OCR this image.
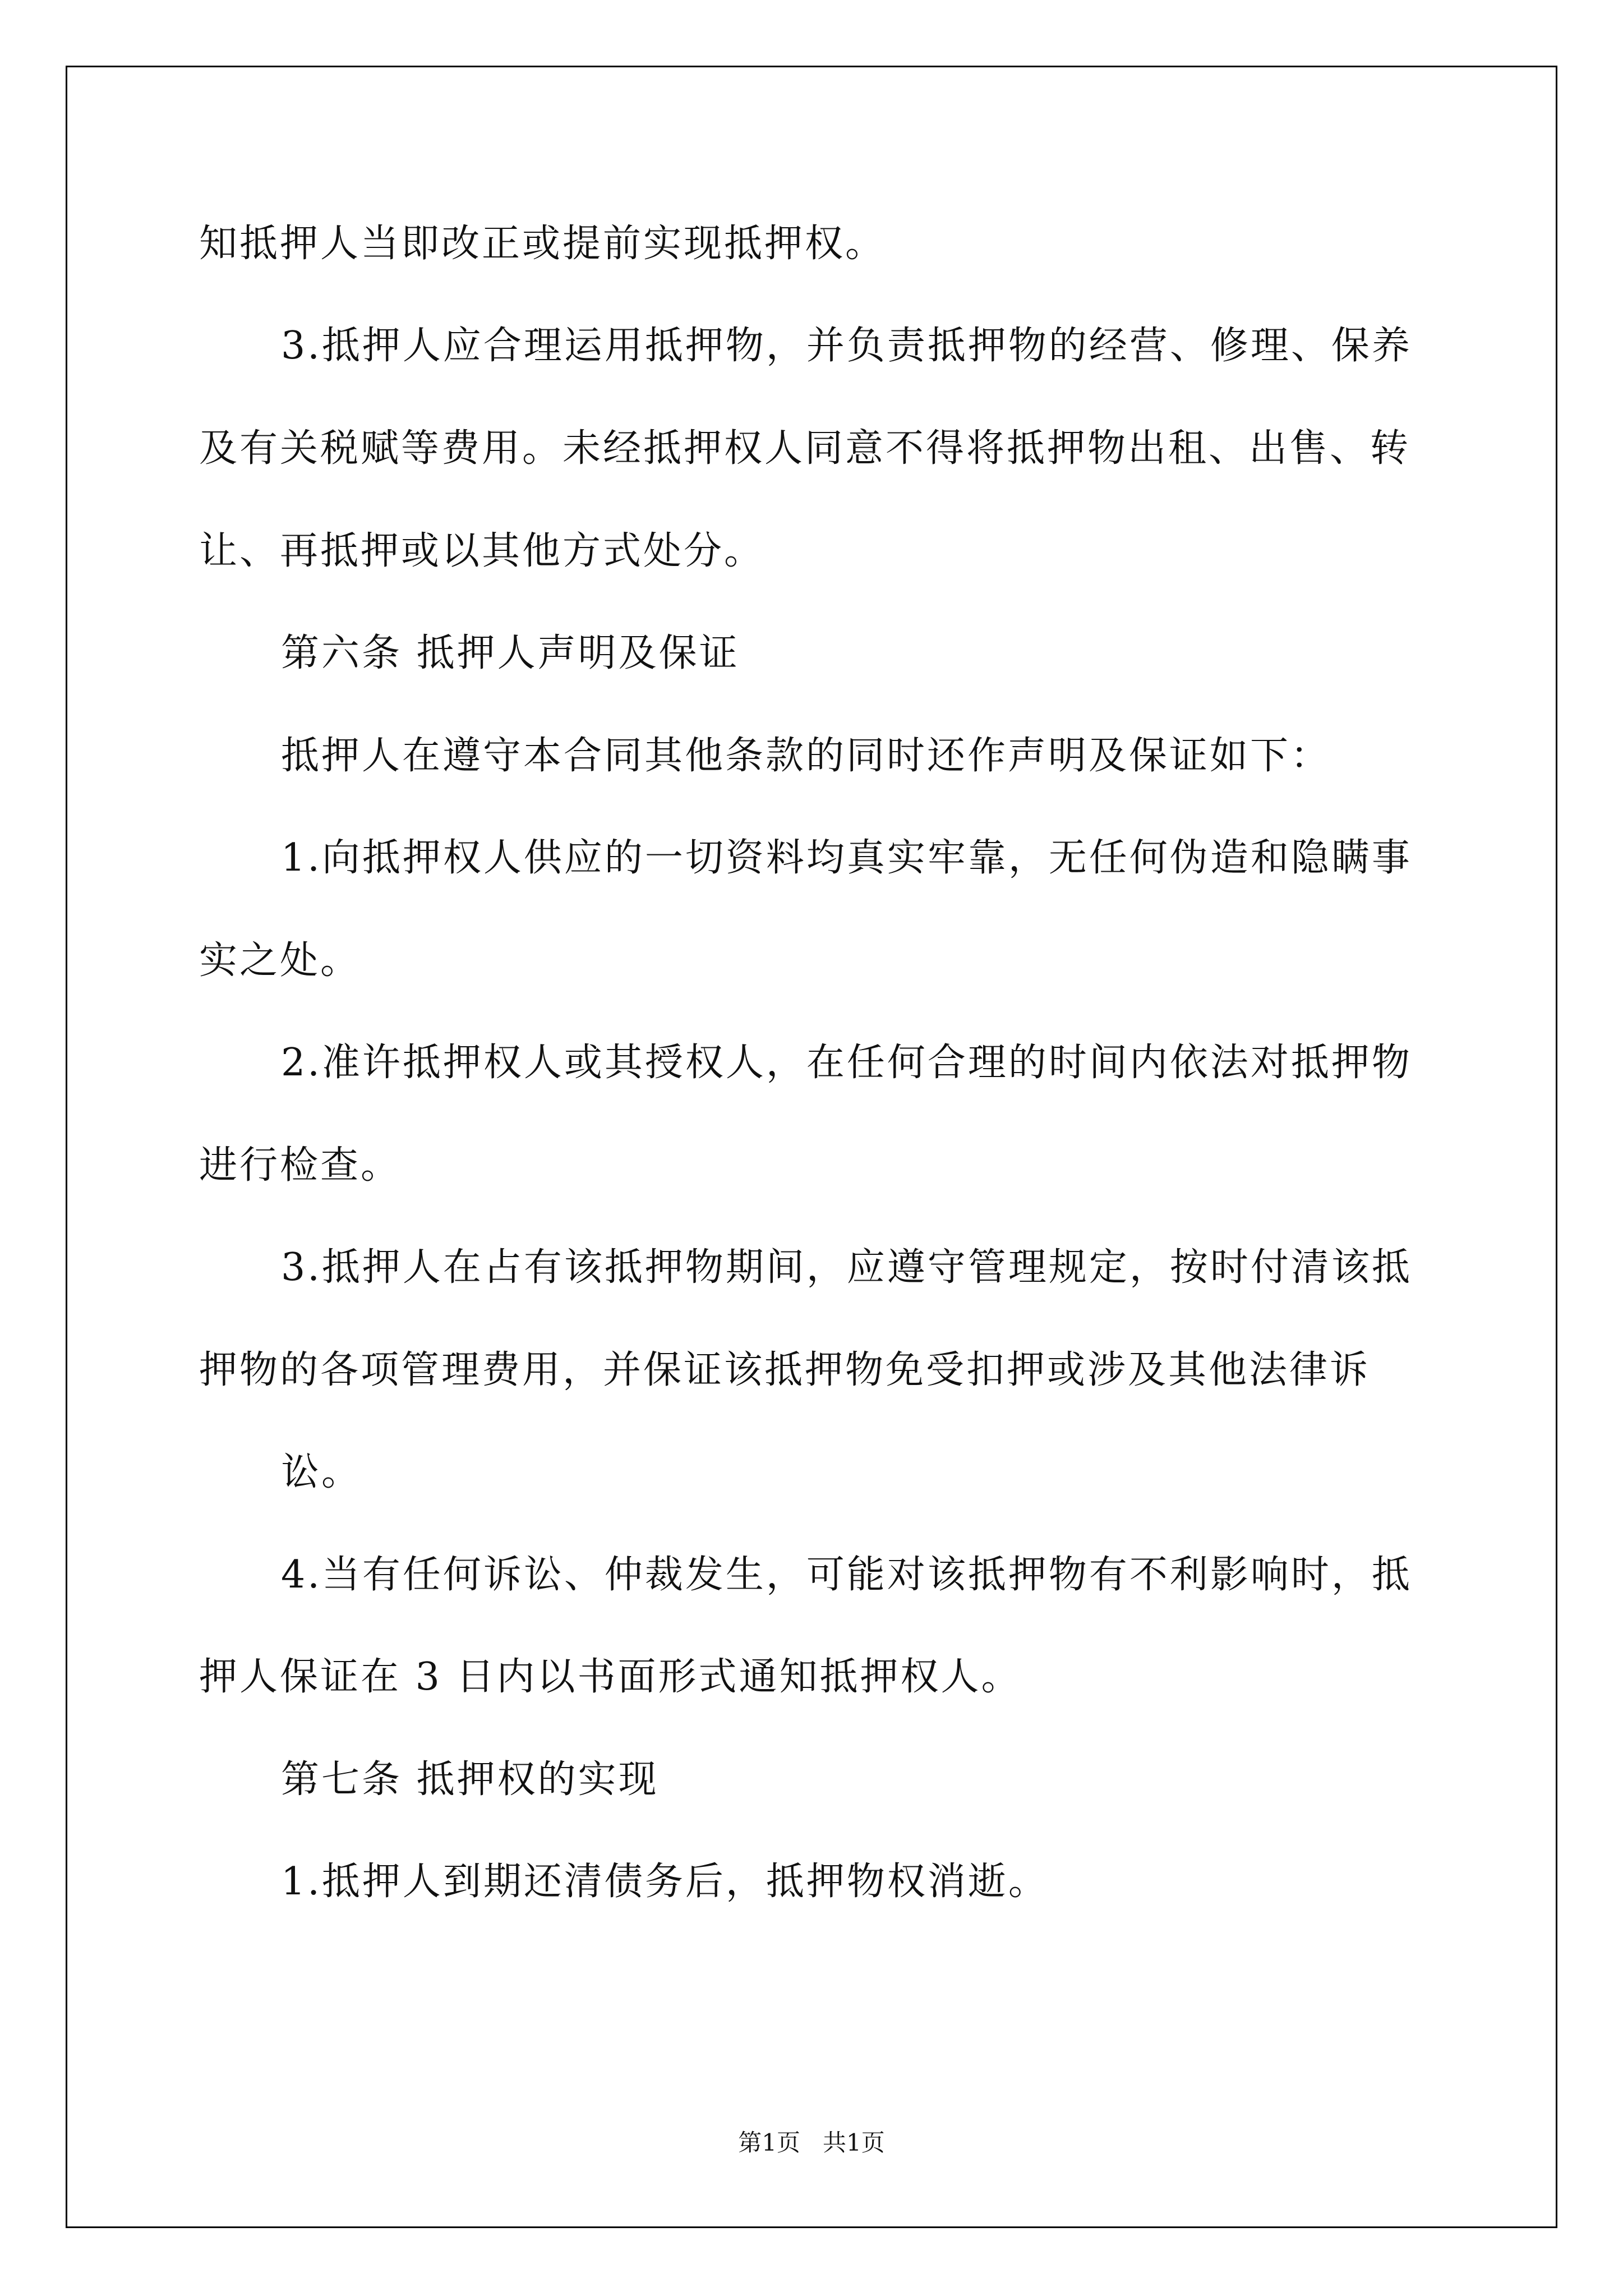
知抵押人当即改正或提前实现抵押权。
3.抵押人应合理运用抵押物，并负责抵押物的经营、修理、保养
及有关税赋等费用。未经抵押权人同意不得将抵押物出租、出售、转
让、再抵押或以其他方式处分。
第六条 抵押人声明及保证
抵押人在遵守本合同其他条款的同时还作声明及保证如下：
1.向抵押权人供应的一切资料均真实牢靠，无任何伪造和隐瞒事
实之处。
2.准许抵押权人或其授权人，在任何合理的时间内依法对抵押物
进行检查。
3.抵押人在占有该抵押物期间，应遵守管理规定，按时付清该抵
押物的各项管理费用，并保证该抵押物免受扣押或涉及其他法律诉
讼。
4.当有任何诉讼、仲裁发生，可能对该抵押物有不利影响时，抵
押人保证在 3 日内以书面形式通知抵押权人。
第七条 抵押权的实现
1.抵押人到期还清债务后，抵押物权消逝。
第1页   共1页
